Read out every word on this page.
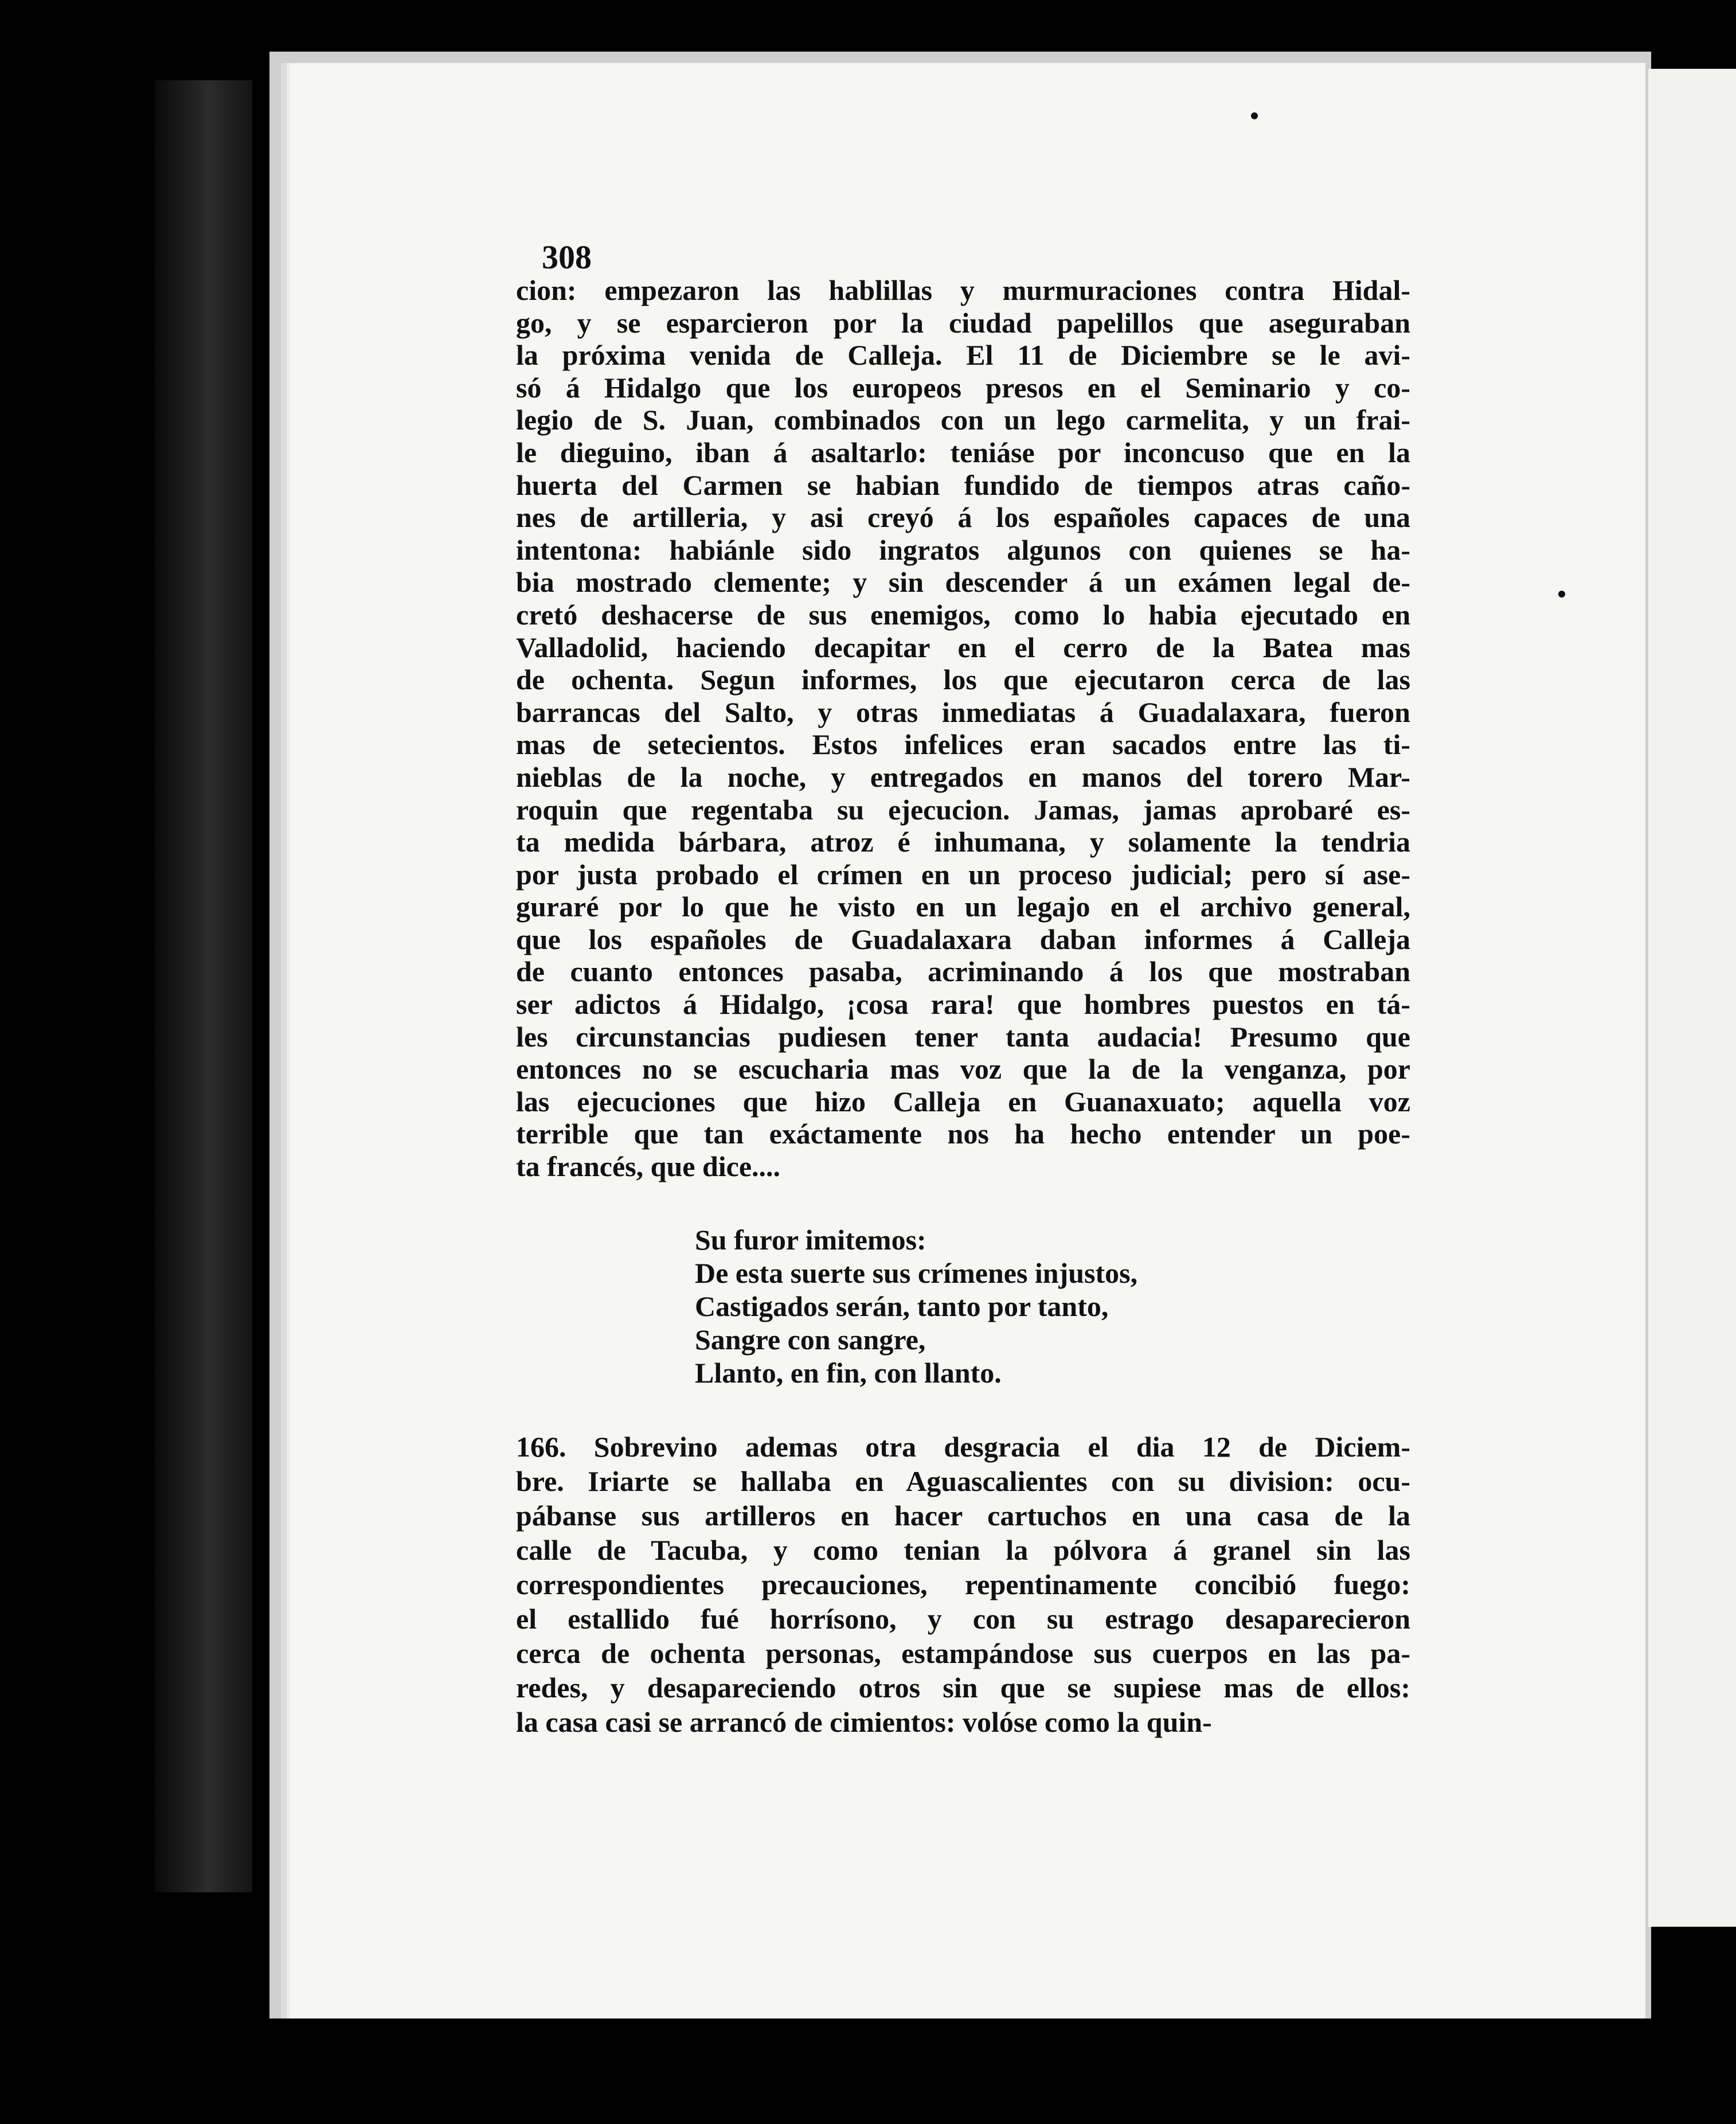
308
cion: empezaron las hablillas y murmuraciones contra Hidal-
go, y se esparcieron por la ciudad papelillos que aseguraban
la próxima venida de Calleja. El 11 de Diciembre se le avi-
só á Hidalgo que los europeos presos en el Seminario y co-
legio de S. Juan, combinados con un lego carmelita, y un frai-
le dieguino, iban á asaltarlo: teniáse por inconcuso que en la
huerta del Carmen se habian fundido de tiempos atras caño-
nes de artilleria, y asi creyó á los españoles capaces de una
intentona: habiánle sido ingratos algunos con quienes se ha-
bia mostrado clemente; y sin descender á un exámen legal de-
cretó deshacerse de sus enemigos, como lo habia ejecutado en
Valladolid, haciendo decapitar en el cerro de la Batea mas
de ochenta. Segun informes, los que ejecutaron cerca de las
barrancas del Salto, y otras inmediatas á Guadalaxara, fueron
mas de setecientos. Estos infelices eran sacados entre las ti-
nieblas de la noche, y entregados en manos del torero Mar-
roquin que regentaba su ejecucion. Jamas, jamas aprobaré es-
ta medida bárbara, atroz é inhumana, y solamente la tendria
por justa probado el crímen en un proceso judicial; pero sí ase-
guraré por lo que he visto en un legajo en el archivo general,
que los españoles de Guadalaxara daban informes á Calleja
de cuanto entonces pasaba, acriminando á los que mostraban
ser adictos á Hidalgo, ¡cosa rara! que hombres puestos en tá-
les circunstancias pudiesen tener tanta audacia! Presumo que
entonces no se escucharia mas voz que la de la venganza, por
las ejecuciones que hizo Calleja en Guanaxuato; aquella voz
terrible que tan exáctamente nos ha hecho entender un poe-
ta francés, que dice....
Su furor imitemos:
De esta suerte sus crímenes injustos,
Castigados serán, tanto por tanto,
Sangre con sangre,
Llanto, en fin, con llanto.
166. Sobrevino ademas otra desgracia el dia 12 de Diciem-
bre. Iriarte se hallaba en Aguascalientes con su division: ocu-
pábanse sus artilleros en hacer cartuchos en una casa de la
calle de Tacuba, y como tenian la pólvora á granel sin las
correspondientes precauciones, repentinamente concibió fuego:
el estallido fué horrísono, y con su estrago desaparecieron
cerca de ochenta personas, estampándose sus cuerpos en las pa-
redes, y desapareciendo otros sin que se supiese mas de ellos:
la casa casi se arrancó de cimientos: volóse como la quin-
